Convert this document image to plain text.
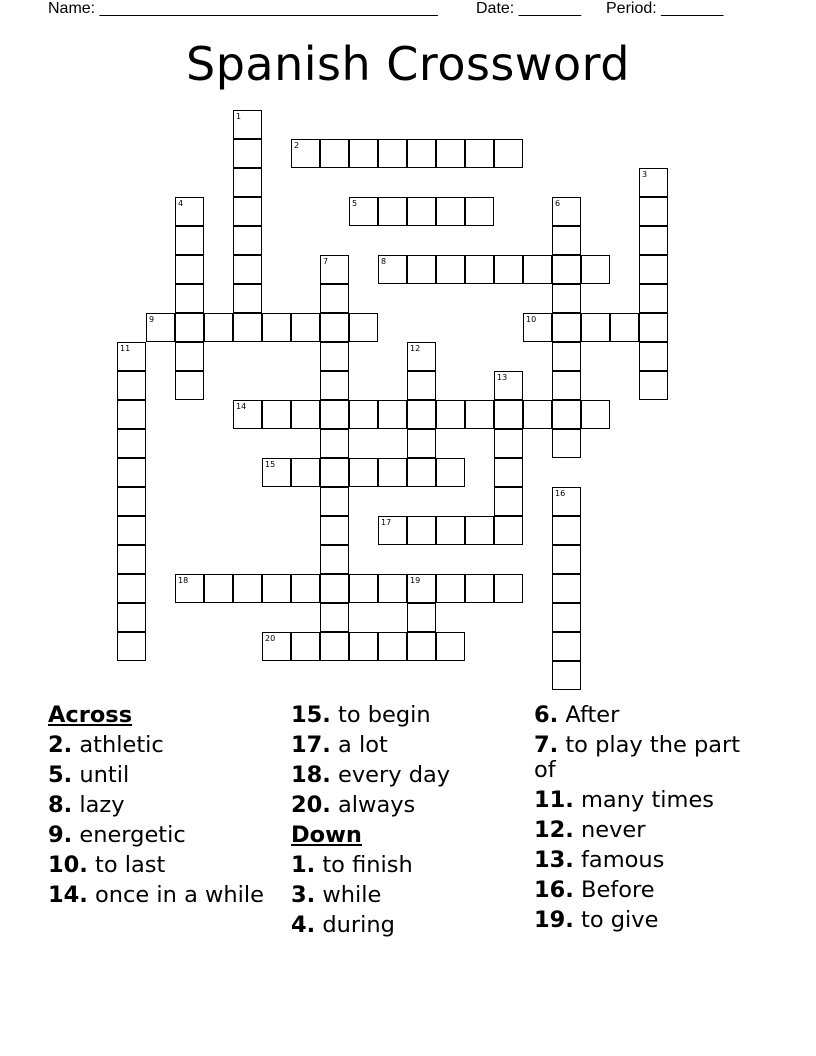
Name: ______________________________________ Date: _______ Period: _______
Spanish Crossword
2
5
8
9	10
14
15
17
18
20
1
3
4	6
7
11	12
13
16
19
Across
2. athletic
5. until
8. lazy
9. energetic
10. to last
14. once in a while
15. to begin
17. a lot
18. every day
20. always
Down
1. to finish
3. while
4. during
6. After
7. to play the part of
11. many times
12. never
13. famous
16. Before
19. to give
